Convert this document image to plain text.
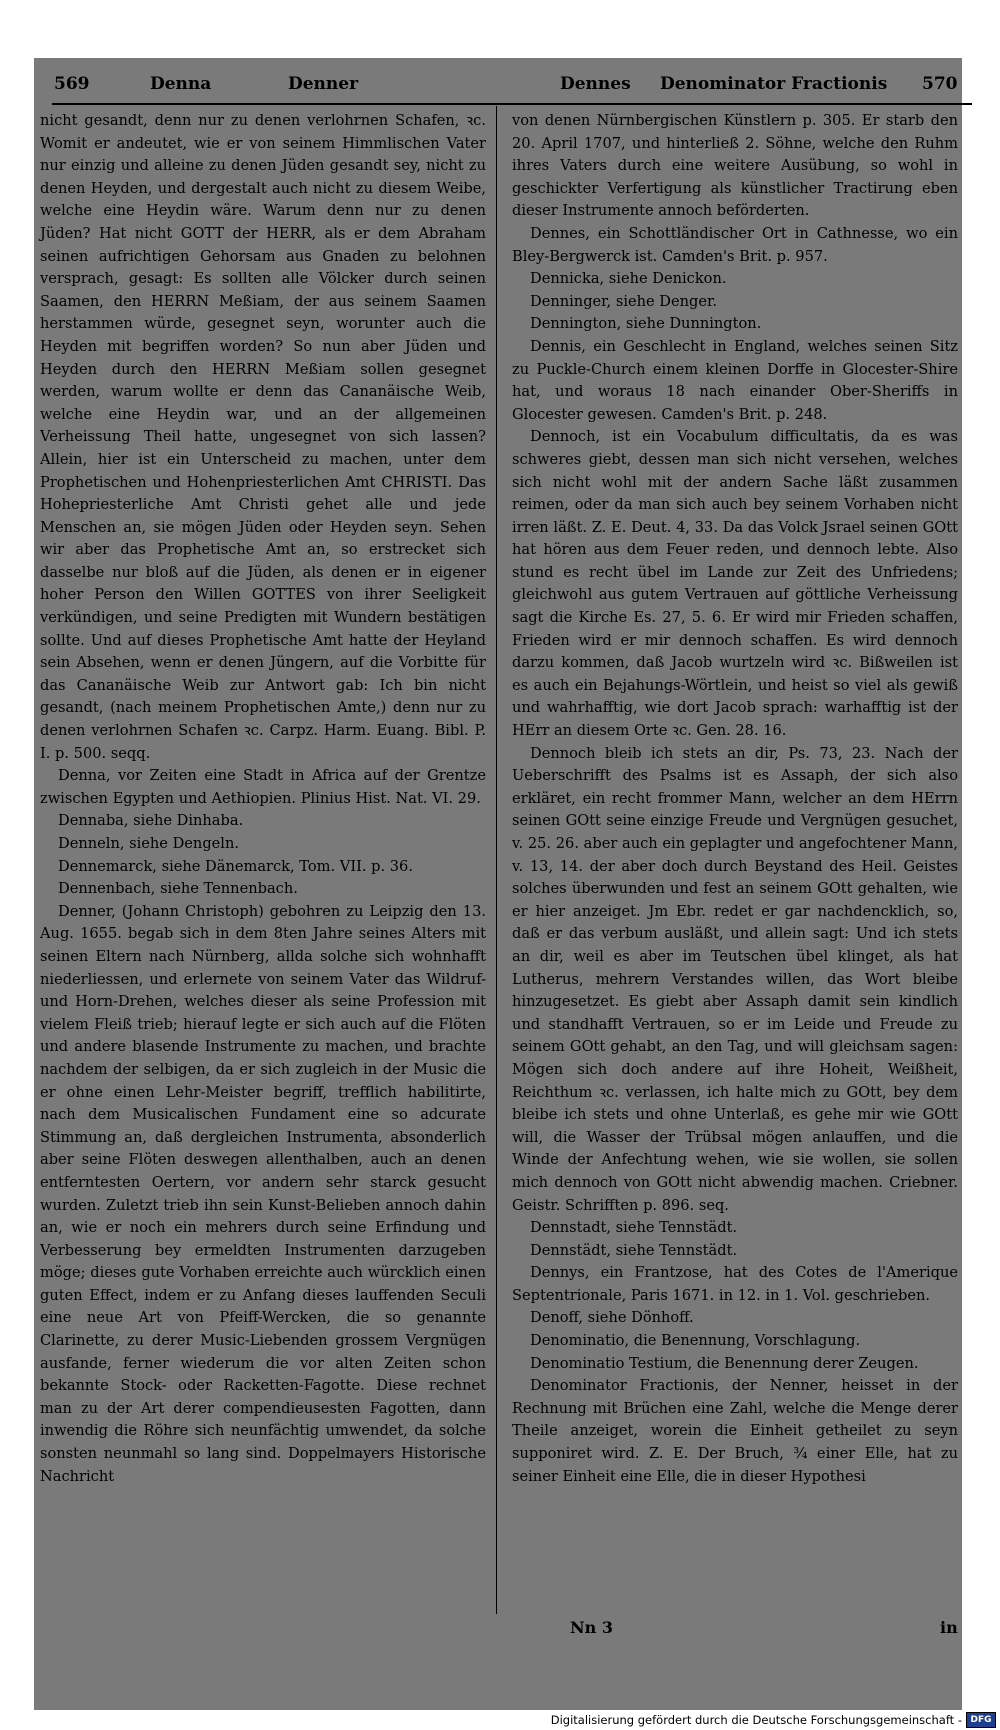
569	Denna	Denner	Dennes Denominator Fractionis 570

nicht gesandt, denn nur zu denen verlohrnen Schafen, ꝛc. Womit er andeutet, wie er von seinem Himmlischen Vater nur einzig und alleine zu denen Jüden gesandt sey, nicht zu denen Heyden, und dergestalt auch nicht zu diesem Weibe, welche eine Heydin wäre. Warum denn nur zu denen Jüden? Hat nicht GOTT der HERR, als er dem Abraham seinen aufrichtigen Gehorsam aus Gnaden zu belohnen versprach, gesagt: Es sollten alle Völcker durch seinen Saamen, den HERRN Meßiam, der aus seinem Saamen herstammen würde, gesegnet seyn, worunter auch die Heyden mit begriffen worden? So nun aber Jüden und Heyden durch den HERRN Meßiam sollen gesegnet werden, warum wollte er denn das Cananäische Weib, welche eine Heydin war, und an der allgemeinen Verheissung Theil hatte, ungesegnet von sich lassen? Allein, hier ist ein Unterscheid zu machen, unter dem Prophetischen und Hohenpriesterlichen Amt CHRISTI. Das Hohepriesterliche Amt Christi gehet alle und jede Menschen an, sie mögen Jüden oder Heyden seyn. Sehen wir aber das Prophetische Amt an, so erstrecket sich dasselbe nur bloß auf die Jüden, als denen er in eigener hoher Person den Willen GOTTES von ihrer Seeligkeit verkündigen, und seine Predigten mit Wundern bestätigen sollte. Und auf dieses Prophetische Amt hatte der Heyland sein Absehen, wenn er denen Jüngern, auf die Vorbitte für das Cananäische Weib zur Antwort gab: Ich bin nicht gesandt, (nach meinem Prophetischen Amte,) denn nur zu denen verlohrnen Schafen ꝛc. Carpz. Harm. Euang. Bibl. P. I. p. 500. seqq.

Denna, vor Zeiten eine Stadt in Africa auf der Grentze zwischen Egypten und Aethiopien. Plinius Hist. Nat. VI. 29.

Dennaba, siehe Dinhaba.

Denneln, siehe Dengeln.

Dennemarck, siehe Dänemarck, Tom. VII. p. 36.

Dennenbach, siehe Tennenbach.

Denner, (Johann Christoph) gebohren zu Leipzig den 13. Aug. 1655. begab sich in dem 8ten Jahre seines Alters mit seinen Eltern nach Nürnberg, allda solche sich wohnhafft niederliessen, und erlernete von seinem Vater das Wildruf- und Horn-Drehen, welches dieser als seine Profession mit vielem Fleiß trieb; hierauf legte er sich auch auf die Flöten und andere blasende Instrumente zu machen, und brachte nachdem der selbigen, da er sich zugleich in der Music die er ohne einen Lehr-Meister begriff, trefflich habilitirte, nach dem Musicalischen Fundament eine so adcurate Stimmung an, daß dergleichen Instrumenta, absonderlich aber seine Flöten deswegen allenthalben, auch an denen entferntesten Oertern, vor andern sehr starck gesucht wurden. Zuletzt trieb ihn sein Kunst-Belieben annoch dahin an, wie er noch ein mehrers durch seine Erfindung und Verbesserung bey ermeldten Instrumenten darzugeben möge; dieses gute Vorhaben erreichte auch würcklich einen guten Effect, indem er zu Anfang dieses lauffenden Seculi eine neue Art von Pfeiff-Wercken, die so genannte Clarinette, zu derer Music-Liebenden grossem Vergnügen ausfande, ferner wiederum die vor alten Zeiten schon bekannte Stock- oder Racketten-Fagotte. Diese rechnet man zu der Art derer compendieusesten Fagotten, dann inwendig die Röhre sich neunfächtig umwendet, da solche sonsten neunmahl so lang sind. Doppelmayers Historische Nachricht

von denen Nürnbergischen Künstlern p. 305. Er starb den 20. April 1707, und hinterließ 2. Söhne, welche den Ruhm ihres Vaters durch eine weitere Ausübung, so wohl in geschickter Verfertigung als künstlicher Tractirung eben dieser Instrumente annoch beförderten.

Dennes, ein Schottländischer Ort in Cathnesse, wo ein Bley-Bergwerck ist. Camden's Brit. p. 957.

Dennicka, siehe Denickon.

Denninger, siehe Denger.

Dennington, siehe Dunnington.

Dennis, ein Geschlecht in England, welches seinen Sitz zu Puckle-Church einem kleinen Dorffe in Glocester-Shire hat, und woraus 18 nach einander Ober-Sheriffs in Glocester gewesen. Camden's Brit. p. 248.

Dennoch, ist ein Vocabulum difficultatis, da es was schweres giebt, dessen man sich nicht versehen, welches sich nicht wohl mit der andern Sache läßt zusammen reimen, oder da man sich auch bey seinem Vorhaben nicht irren läßt. Z. E. Deut. 4, 33. Da das Volck Jsrael seinen GOtt hat hören aus dem Feuer reden, und dennoch lebte. Also stund es recht übel im Lande zur Zeit des Unfriedens; gleichwohl aus gutem Vertrauen auf göttliche Verheissung sagt die Kirche Es. 27, 5. 6. Er wird mir Frieden schaffen, Frieden wird er mir dennoch schaffen. Es wird dennoch darzu kommen, daß Jacob wurtzeln wird ꝛc. Bißweilen ist es auch ein Bejahungs-Wörtlein, und heist so viel als gewiß und wahrhafftig, wie dort Jacob sprach: warhafftig ist der HErr an diesem Orte ꝛc. Gen. 28. 16.

Dennoch bleib ich stets an dir, Ps. 73, 23. Nach der Ueberschrifft des Psalms ist es Assaph, der sich also erkläret, ein recht frommer Mann, welcher an dem HErrn seinen GOtt seine einzige Freude und Vergnügen gesuchet, v. 25. 26. aber auch ein geplagter und angefochtener Mann, v. 13, 14. der aber doch durch Beystand des Heil. Geistes solches überwunden und fest an seinem GOtt gehalten, wie er hier anzeiget. Jm Ebr. redet er gar nachdencklich, so, daß er das verbum ausläßt, und allein sagt: Und ich stets an dir, weil es aber im Teutschen übel klinget, als hat Lutherus, mehrern Verstandes willen, das Wort bleibe hinzugesetzet. Es giebt aber Assaph damit sein kindlich und standhafft Vertrauen, so er im Leide und Freude zu seinem GOtt gehabt, an den Tag, und will gleichsam sagen: Mögen sich doch andere auf ihre Hoheit, Weißheit, Reichthum ꝛc. verlassen, ich halte mich zu GOtt, bey dem bleibe ich stets und ohne Unterlaß, es gehe mir wie GOtt will, die Wasser der Trübsal mögen anlauffen, und die Winde der Anfechtung wehen, wie sie wollen, sie sollen mich dennoch von GOtt nicht abwendig machen. Criebner. Geistr. Schrifften p. 896. seq.

Dennstadt, siehe Tennstädt.

Dennstädt, siehe Tennstädt.

Dennys, ein Frantzose, hat des Cotes de l'Amerique Septentrionale, Paris 1671. in 12. in 1. Vol. geschrieben.

Denoff, siehe Dönhoff.

Denominatio, die Benennung, Vorschlagung.

Denominatio Testium, die Benennung derer Zeugen.

Denominator Fractionis, der Nenner, heisset in der Rechnung mit Brüchen eine Zahl, welche die Menge derer Theile anzeiget, worein die Einheit getheilet zu seyn supponiret wird. Z. E. Der Bruch, ¾ einer Elle, hat zu seiner Einheit eine Elle, die in dieser Hypothesi

Nn 3	in
Digitalisierung gefördert durch die Deutsche Forschungsgemeinschaft - DFG
